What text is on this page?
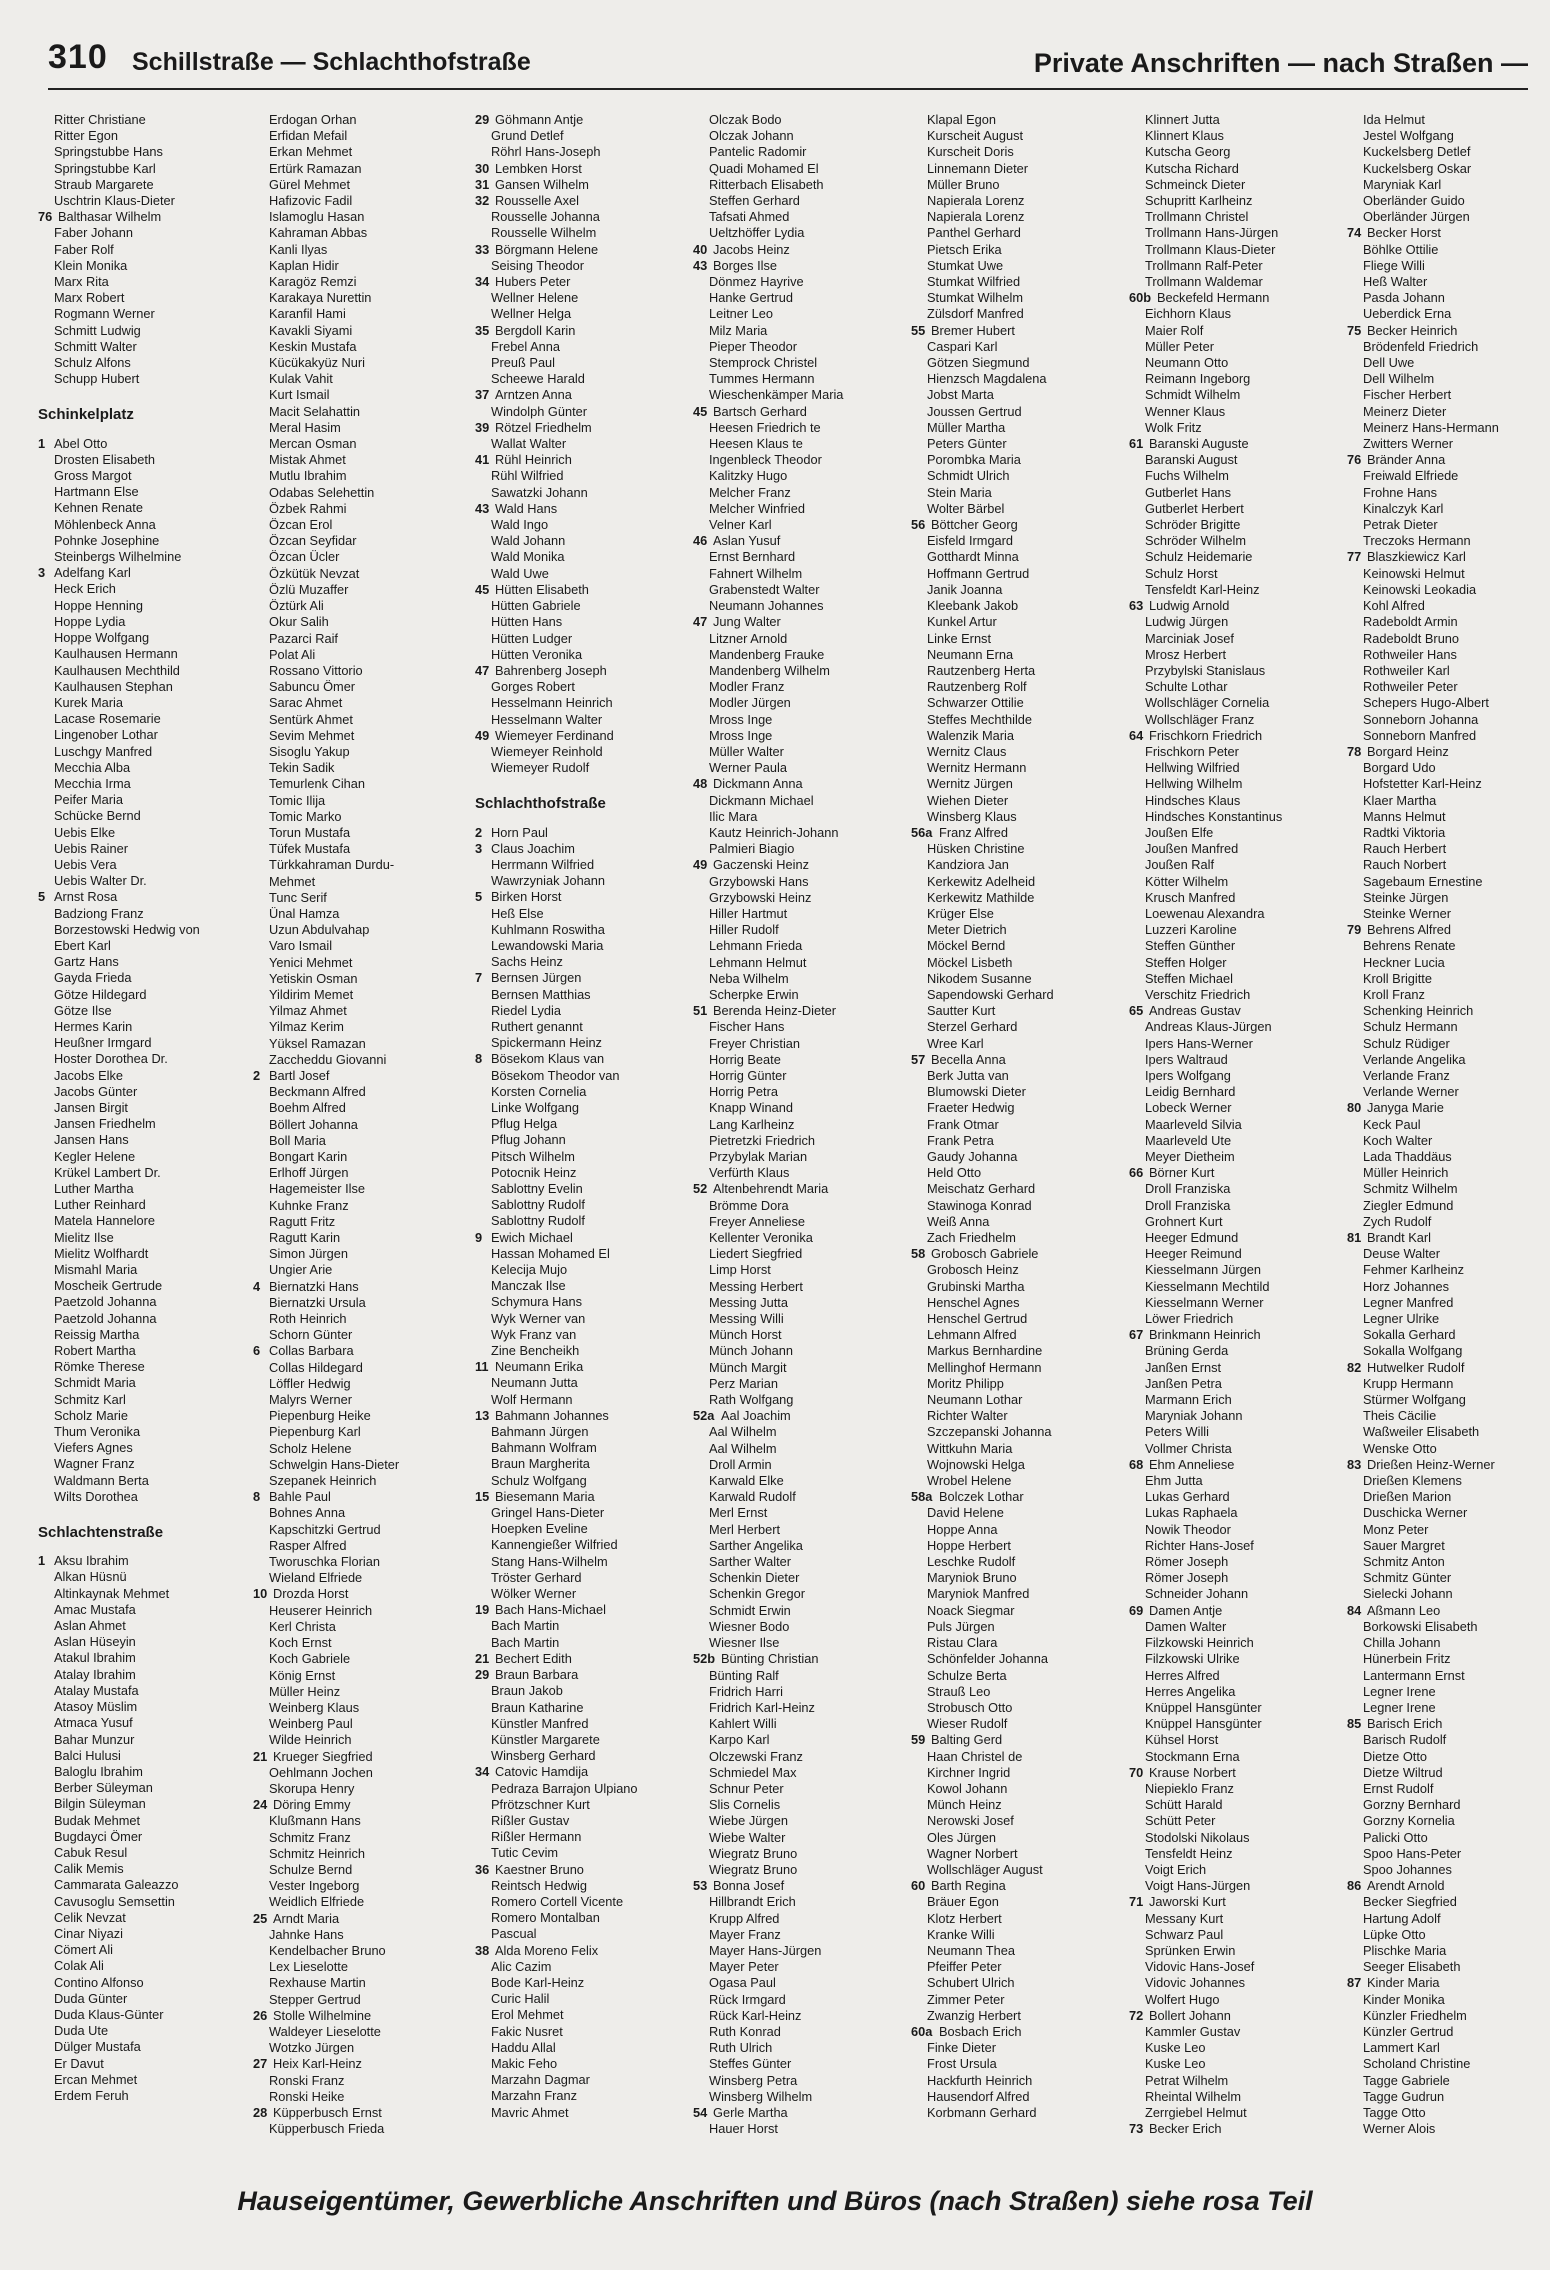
310 Schillstraße — Schlachthofstraße	Private Anschriften — nach Straßen —
Ritter Christiane
Ritter Egon
Springstubbe Hans
Springstubbe Karl
Straub Margarete
Uschtrin Klaus-Dieter
76 Balthasar Wilhelm
Faber Johann
Faber Rolf
Klein Monika
Marx Rita
Marx Robert
Rogmann Werner
Schmitt Ludwig
Schmitt Walter
Schulz Alfons
Schupp Hubert
Schinkelplatz
1 Abel Otto
Drosten Elisabeth
Gross Margot
Hartmann Else
Kehnen Renate
Möhlenbeck Anna
Pohnke Josephine
Steinbergs Wilhelmine
3 Adelfang Karl
Heck Erich
Hoppe Henning
Hoppe Lydia
Hoppe Wolfgang
Kaulhausen Hermann
Kaulhausen Mechthild
Kaulhausen Stephan
Kurek Maria
Lacase Rosemarie
Lingenober Lothar
Luschgy Manfred
Mecchia Alba
Mecchia Irma
Peifer Maria
Schücke Bernd
Uebis Elke
Uebis Rainer
Uebis Vera
Uebis Walter Dr.
5 Arnst Rosa
Badziong Franz
Borzestowski Hedwig von
Ebert Karl
Gartz Hans
Gayda Frieda
Götze Hildegard
Götze Ilse
Hermes Karin
Heußner Irmgard
Hoster Dorothea Dr.
Jacobs Elke
Jacobs Günter
Jansen Birgit
Jansen Friedhelm
Jansen Hans
Kegler Helene
Krükel Lambert Dr.
Luther Martha
Luther Reinhard
Matela Hannelore
Mielitz Ilse
Mielitz Wolfhardt
Mismahl Maria
Moscheik Gertrude
Paetzold Johanna
Paetzold Johanna
Reissig Martha
Robert Martha
Römke Therese
Schmidt Maria
Schmitz Karl
Scholz Marie
Thum Veronika
Viefers Agnes
Wagner Franz
Waldmann Berta
Wilts Dorothea
Schlachtenstraße
1 Aksu Ibrahim
Alkan Hüsnü
Altinkaynak Mehmet
Amac Mustafa
Aslan Ahmet
Aslan Hüseyin
Atakul Ibrahim
Atalay Ibrahim
Atalay Mustafa
Atasoy Müslim
Atmaca Yusuf
Bahar Munzur
Balci Hulusi
Baloglu Ibrahim
Berber Süleyman
Bilgin Süleyman
Budak Mehmet
Bugdayci Ömer
Cabuk Resul
Calik Memis
Cammarata Galeazzo
Cavusoglu Semsettin
Celik Nevzat
Cinar Niyazi
Cömert Ali
Colak Ali
Contino Alfonso
Duda Günter
Duda Klaus-Günter
Duda Ute
Dülger Mustafa
Er Davut
Ercan Mehmet
Erdem Feruh
Erdogan Orhan
Erfidan Mefail
Erkan Mehmet
Ertürk Ramazan
Gürel Mehmet
Hafizovic Fadil
Islamoglu Hasan
Kahraman Abbas
Kanli Ilyas
Kaplan Hidir
Karagöz Remzi
Karakaya Nurettin
Karanfil Hami
Kavakli Siyami
Keskin Mustafa
Kücükakyüz Nuri
Kulak Vahit
Kurt Ismail
Macit Selahattin
Meral Hasim
Mercan Osman
Mistak Ahmet
Mutlu Ibrahim
Odabas Selehettin
Özbek Rahmi
Özcan Erol
Özcan Seyfidar
Özcan Ücler
Özkütük Nevzat
Özlü Muzaffer
Öztürk Ali
Okur Salih
Pazarci Raif
Polat Ali
Rossano Vittorio
Sabuncu Ömer
Sarac Ahmet
Sentürk Ahmet
Sevim Mehmet
Sisoglu Yakup
Tekin Sadik
Temurlenk Cihan
Tomic Ilija
Tomic Marko
Torun Mustafa
Tüfek Mustafa
Türkkahraman Durdu-
Mehmet
Tunc Serif
Ünal Hamza
Uzun Abdulvahap
Varo Ismail
Yenici Mehmet
Yetiskin Osman
Yildirim Memet
Yilmaz Ahmet
Yilmaz Kerim
Yüksel Ramazan
Zaccheddu Giovanni
2 Bartl Josef
Beckmann Alfred
Boehm Alfred
Böllert Johanna
Boll Maria
Bongart Karin
Erlhoff Jürgen
Hagemeister Ilse
Kuhnke Franz
Ragutt Fritz
Ragutt Karin
Simon Jürgen
Ungier Arie
4 Biernatzki Hans
Biernatzki Ursula
Roth Heinrich
Schorn Günter
6 Collas Barbara
Collas Hildegard
Löffler Hedwig
Malyrs Werner
Piepenburg Heike
Piepenburg Karl
Scholz Helene
Schwelgin Hans-Dieter
Szepanek Heinrich
8 Bahle Paul
Bohnes Anna
Kapschitzki Gertrud
Rasper Alfred
Tworuschka Florian
Wieland Elfriede
10 Drozda Horst
Heuserer Heinrich
Kerl Christa
Koch Ernst
Koch Gabriele
König Ernst
Müller Heinz
Weinberg Klaus
Weinberg Paul
Wilde Heinrich
21 Krueger Siegfried
Oehlmann Jochen
Skorupa Henry
24 Döring Emmy
Klußmann Hans
Schmitz Franz
Schmitz Heinrich
Schulze Bernd
Vester Ingeborg
Weidlich Elfriede
25 Arndt Maria
Jahnke Hans
Kendelbacher Bruno
Lex Lieselotte
Rexhause Martin
Stepper Gertrud
26 Stolle Wilhelmine
Waldeyer Lieselotte
Wotzko Jürgen
27 Heix Karl-Heinz
Ronski Franz
Ronski Heike
28 Küpperbusch Ernst
Küpperbusch Frieda
29 Göhmann Antje
Grund Detlef
Röhrl Hans-Joseph
30 Lembken Horst
31 Gansen Wilhelm
32 Rousselle Axel
Rousselle Johanna
Rousselle Wilhelm
33 Börgmann Helene
Seising Theodor
34 Hubers Peter
Wellner Helene
Wellner Helga
35 Bergdoll Karin
Frebel Anna
Preuß Paul
Scheewe Harald
37 Arntzen Anna
Windolph Günter
39 Rötzel Friedhelm
Wallat Walter
41 Rühl Heinrich
Rühl Wilfried
Sawatzki Johann
43 Wald Hans
Wald Ingo
Wald Johann
Wald Monika
Wald Uwe
45 Hütten Elisabeth
Hütten Gabriele
Hütten Hans
Hütten Ludger
Hütten Veronika
47 Bahrenberg Joseph
Gorges Robert
Hesselmann Heinrich
Hesselmann Walter
49 Wiemeyer Ferdinand
Wiemeyer Reinhold
Wiemeyer Rudolf
Schlachthofstraße
2 Horn Paul
3 Claus Joachim
Herrmann Wilfried
Wawrzyniak Johann
5 Birken Horst
Heß Else
Kuhlmann Roswitha
Lewandowski Maria
Sachs Heinz
7 Bernsen Jürgen
Bernsen Matthias
Riedel Lydia
Ruthert genannt
Spickermann Heinz
8 Bösekom Klaus van
Bösekom Theodor van
Korsten Cornelia
Linke Wolfgang
Pflug Helga
Pflug Johann
Pitsch Wilhelm
Potocnik Heinz
Sablottny Evelin
Sablottny Rudolf
Sablottny Rudolf
9 Ewich Michael
Hassan Mohamed El
Kelecija Mujo
Manczak Ilse
Schymura Hans
Wyk Werner van
Wyk Franz van
Zine Bencheikh
11 Neumann Erika
Neumann Jutta
Wolf Hermann
13 Bahmann Johannes
Bahmann Jürgen
Bahmann Wolfram
Braun Margherita
Schulz Wolfgang
15 Biesemann Maria
Gringel Hans-Dieter
Hoepken Eveline
Kannengießer Wilfried
Stang Hans-Wilhelm
Tröster Gerhard
Wölker Werner
19 Bach Hans-Michael
Bach Martin
Bach Martin
21 Bechert Edith
29 Braun Barbara
Braun Jakob
Braun Katharine
Künstler Manfred
Künstler Margarete
Winsberg Gerhard
34 Catovic Hamdija
Pedraza Barrajon Ulpiano
Pfrötzschner Kurt
Rißler Gustav
Rißler Hermann
Tutic Cevim
36 Kaestner Bruno
Reintsch Hedwig
Romero Cortell Vicente
Romero Montalban
Pascual
38 Alda Moreno Felix
Alic Cazim
Bode Karl-Heinz
Curic Halil
Erol Mehmet
Fakic Nusret
Haddu Allal
Makic Feho
Marzahn Dagmar
Marzahn Franz
Mavric Ahmet
Olczak Bodo
Olczak Johann
Pantelic Radomir
Quadi Mohamed El
Ritterbach Elisabeth
Steffen Gerhard
Tafsati Ahmed
Ueltzhöffer Lydia
40 Jacobs Heinz
43 Borges Ilse
Dönmez Hayrive
Hanke Gertrud
Leitner Leo
Milz Maria
Pieper Theodor
Stemprock Christel
Tummes Hermann
Wieschenkämper Maria
45 Bartsch Gerhard
Heesen Friedrich te
Heesen Klaus te
Ingenbleck Theodor
Kalitzky Hugo
Melcher Franz
Melcher Winfried
Velner Karl
46 Aslan Yusuf
Ernst Bernhard
Fahnert Wilhelm
Grabenstedt Walter
Neumann Johannes
47 Jung Walter
Litzner Arnold
Mandenberg Frauke
Mandenberg Wilhelm
Modler Franz
Modler Jürgen
Mross Inge
Mross Inge
Müller Walter
Werner Paula
48 Dickmann Anna
Dickmann Michael
Ilic Mara
Kautz Heinrich-Johann
Palmieri Biagio
49 Gaczenski Heinz
Grzybowski Hans
Grzybowski Heinz
Hiller Hartmut
Hiller Rudolf
Lehmann Frieda
Lehmann Helmut
Neba Wilhelm
Scherpke Erwin
51 Berenda Heinz-Dieter
Fischer Hans
Freyer Christian
Horrig Beate
Horrig Günter
Horrig Petra
Knapp Winand
Lang Karlheinz
Pietretzki Friedrich
Przybylak Marian
Verfürth Klaus
52 Altenbehrendt Maria
Brömme Dora
Freyer Anneliese
Kellenter Veronika
Liedert Siegfried
Limp Horst
Messing Herbert
Messing Jutta
Messing Willi
Münch Horst
Münch Johann
Münch Margit
Perz Marian
Rath Wolfgang
52a Aal Joachim
Aal Wilhelm
Aal Wilhelm
Droll Armin
Karwald Elke
Karwald Rudolf
Merl Ernst
Merl Herbert
Sarther Angelika
Sarther Walter
Schenkin Dieter
Schenkin Gregor
Schmidt Erwin
Wiesner Bodo
Wiesner Ilse
52b Bünting Christian
Bünting Ralf
Fridrich Harri
Fridrich Karl-Heinz
Kahlert Willi
Karpo Karl
Olczewski Franz
Schmiedel Max
Schnur Peter
Slis Cornelis
Wiebe Jürgen
Wiebe Walter
Wiegratz Bruno
Wiegratz Bruno
53 Bonna Josef
Hillbrandt Erich
Krupp Alfred
Mayer Franz
Mayer Hans-Jürgen
Mayer Peter
Ogasa Paul
Rück Irmgard
Rück Karl-Heinz
Ruth Konrad
Ruth Ulrich
Steffes Günter
Winsberg Petra
Winsberg Wilhelm
54 Gerle Martha
Hauer Horst
Klapal Egon
Kurscheit August
Kurscheit Doris
Linnemann Dieter
Müller Bruno
Napierala Lorenz
Napierala Lorenz
Panthel Gerhard
Pietsch Erika
Stumkat Uwe
Stumkat Wilfried
Stumkat Wilhelm
Zülsdorf Manfred
55 Bremer Hubert
Caspari Karl
Götzen Siegmund
Hienzsch Magdalena
Jobst Marta
Joussen Gertrud
Müller Martha
Peters Günter
Porombka Maria
Schmidt Ulrich
Stein Maria
Wolter Bärbel
56 Böttcher Georg
Eisfeld Irmgard
Gotthardt Minna
Hoffmann Gertrud
Janik Joanna
Kleebank Jakob
Kunkel Artur
Linke Ernst
Neumann Erna
Rautzenberg Herta
Rautzenberg Rolf
Schwarzer Ottilie
Steffes Mechthilde
Walenzik Maria
Wernitz Claus
Wernitz Hermann
Wernitz Jürgen
Wiehen Dieter
Winsberg Klaus
56a Franz Alfred
Hüsken Christine
Kandziora Jan
Kerkewitz Adelheid
Kerkewitz Mathilde
Krüger Else
Meter Dietrich
Möckel Bernd
Möckel Lisbeth
Nikodem Susanne
Sapendowski Gerhard
Sautter Kurt
Sterzel Gerhard
Wree Karl
57 Becella Anna
Berk Jutta van
Blumowski Dieter
Fraeter Hedwig
Frank Otmar
Frank Petra
Gaudy Johanna
Held Otto
Meischatz Gerhard
Stawinoga Konrad
Weiß Anna
Zach Friedhelm
58 Grobosch Gabriele
Grobosch Heinz
Grubinski Martha
Henschel Agnes
Henschel Gertrud
Lehmann Alfred
Markus Bernhardine
Mellinghof Hermann
Moritz Philipp
Neumann Lothar
Richter Walter
Szczepanski Johanna
Wittkuhn Maria
Wojnowski Helga
Wrobel Helene
58a Bolczek Lothar
David Helene
Hoppe Anna
Hoppe Herbert
Leschke Rudolf
Maryniok Bruno
Maryniok Manfred
Noack Siegmar
Puls Jürgen
Ristau Clara
Schönfelder Johanna
Schulze Berta
Strauß Leo
Strobusch Otto
Wieser Rudolf
59 Balting Gerd
Haan Christel de
Kirchner Ingrid
Kowol Johann
Münch Heinz
Nerowski Josef
Oles Jürgen
Wagner Norbert
Wollschläger August
60 Barth Regina
Bräuer Egon
Klotz Herbert
Kranke Willi
Neumann Thea
Pfeiffer Peter
Schubert Ulrich
Zimmer Peter
Zwanzig Herbert
60a Bosbach Erich
Finke Dieter
Frost Ursula
Hackfurth Heinrich
Hausendorf Alfred
Korbmann Gerhard
Klinnert Jutta
Klinnert Klaus
Kutscha Georg
Kutscha Richard
Schmeinck Dieter
Schupritt Karlheinz
Trollmann Christel
Trollmann Hans-Jürgen
Trollmann Klaus-Dieter
Trollmann Ralf-Peter
Trollmann Waldemar
60b Beckefeld Hermann
Eichhorn Klaus
Maier Rolf
Müller Peter
Neumann Otto
Reimann Ingeborg
Schmidt Wilhelm
Wenner Klaus
Wolk Fritz
61 Baranski Auguste
Baranski August
Fuchs Wilhelm
Gutberlet Hans
Gutberlet Herbert
Schröder Brigitte
Schröder Wilhelm
Schulz Heidemarie
Schulz Horst
Tensfeldt Karl-Heinz
63 Ludwig Arnold
Ludwig Jürgen
Marciniak Josef
Mrosz Herbert
Przybylski Stanislaus
Schulte Lothar
Wollschläger Cornelia
Wollschläger Franz
64 Frischkorn Friedrich
Frischkorn Peter
Hellwing Wilfried
Hellwing Wilhelm
Hindsches Klaus
Hindsches Konstantinus
Joußen Elfe
Joußen Manfred
Joußen Ralf
Kötter Wilhelm
Krusch Manfred
Loewenau Alexandra
Luzzeri Karoline
Steffen Günther
Steffen Holger
Steffen Michael
Verschitz Friedrich
65 Andreas Gustav
Andreas Klaus-Jürgen
Ipers Hans-Werner
Ipers Waltraud
Ipers Wolfgang
Leidig Bernhard
Lobeck Werner
Maarleveld Silvia
Maarleveld Ute
Meyer Dietheim
66 Börner Kurt
Droll Franziska
Droll Franziska
Grohnert Kurt
Heeger Edmund
Heeger Reimund
Kiesselmann Jürgen
Kiesselmann Mechtild
Kiesselmann Werner
Löwer Friedrich
67 Brinkmann Heinrich
Brüning Gerda
Janßen Ernst
Janßen Petra
Marmann Erich
Maryniak Johann
Peters Willi
Vollmer Christa
68 Ehm Anneliese
Ehm Jutta
Lukas Gerhard
Lukas Raphaela
Nowik Theodor
Richter Hans-Josef
Römer Joseph
Römer Joseph
Schneider Johann
69 Damen Antje
Damen Walter
Filzkowski Heinrich
Filzkowski Ulrike
Herres Alfred
Herres Angelika
Knüppel Hansgünter
Knüppel Hansgünter
Kühsel Horst
Stockmann Erna
70 Krause Norbert
Niepieklo Franz
Schütt Harald
Schütt Peter
Stodolski Nikolaus
Tensfeldt Heinz
Voigt Erich
Voigt Hans-Jürgen
71 Jaworski Kurt
Messany Kurt
Schwarz Paul
Sprünken Erwin
Vidovic Hans-Josef
Vidovic Johannes
Wolfert Hugo
72 Bollert Johann
Kammler Gustav
Kuske Leo
Kuske Leo
Petrat Wilhelm
Rheintal Wilhelm
Zerrgiebel Helmut
73 Becker Erich
Ida Helmut
Jestel Wolfgang
Kuckelsberg Detlef
Kuckelsberg Oskar
Maryniak Karl
Oberländer Guido
Oberländer Jürgen
74 Becker Horst
Böhlke Ottilie
Fliege Willi
Heß Walter
Pasda Johann
Ueberdick Erna
75 Becker Heinrich
Brödenfeld Friedrich
Dell Uwe
Dell Wilhelm
Fischer Herbert
Meinerz Dieter
Meinerz Hans-Hermann
Zwitters Werner
76 Bränder Anna
Freiwald Elfriede
Frohne Hans
Kinalczyk Karl
Petrak Dieter
Treczoks Hermann
77 Blaszkiewicz Karl
Keinowski Helmut
Keinowski Leokadia
Kohl Alfred
Radeboldt Armin
Radeboldt Bruno
Rothweiler Hans
Rothweiler Karl
Rothweiler Peter
Schepers Hugo-Albert
Sonneborn Johanna
Sonneborn Manfred
78 Borgard Heinz
Borgard Udo
Hofstetter Karl-Heinz
Klaer Martha
Manns Helmut
Radtki Viktoria
Rauch Herbert
Rauch Norbert
Sagebaum Ernestine
Steinke Jürgen
Steinke Werner
79 Behrens Alfred
Behrens Renate
Heckner Lucia
Kroll Brigitte
Kroll Franz
Schenking Heinrich
Schulz Hermann
Schulz Rüdiger
Verlande Angelika
Verlande Franz
Verlande Werner
80 Janyga Marie
Keck Paul
Koch Walter
Lada Thaddäus
Müller Heinrich
Schmitz Wilhelm
Ziegler Edmund
Zych Rudolf
81 Brandt Karl
Deuse Walter
Fehmer Karlheinz
Horz Johannes
Legner Manfred
Legner Ulrike
Sokalla Gerhard
Sokalla Wolfgang
82 Hutwelker Rudolf
Krupp Hermann
Stürmer Wolfgang
Theis Cäcilie
Waßweiler Elisabeth
Wenske Otto
83 Drießen Heinz-Werner
Drießen Klemens
Drießen Marion
Duschicka Werner
Monz Peter
Sauer Margret
Schmitz Anton
Schmitz Günter
Sielecki Johann
84 Aßmann Leo
Borkowski Elisabeth
Chilla Johann
Hünerbein Fritz
Lantermann Ernst
Legner Irene
Legner Irene
85 Barisch Erich
Barisch Rudolf
Dietze Otto
Dietze Wiltrud
Ernst Rudolf
Gorzny Bernhard
Gorzny Kornelia
Palicki Otto
Spoo Hans-Peter
Spoo Johannes
86 Arendt Arnold
Becker Siegfried
Hartung Adolf
Lüpke Otto
Plischke Maria
Seeger Elisabeth
87 Kinder Maria
Kinder Monika
Künzler Friedhelm
Künzler Gertrud
Lammert Karl
Scholand Christine
Tagge Gabriele
Tagge Gudrun
Tagge Otto
Werner Alois
Hauseigentümer, Gewerbliche Anschriften und Büros (nach Straßen) siehe rosa Teil
